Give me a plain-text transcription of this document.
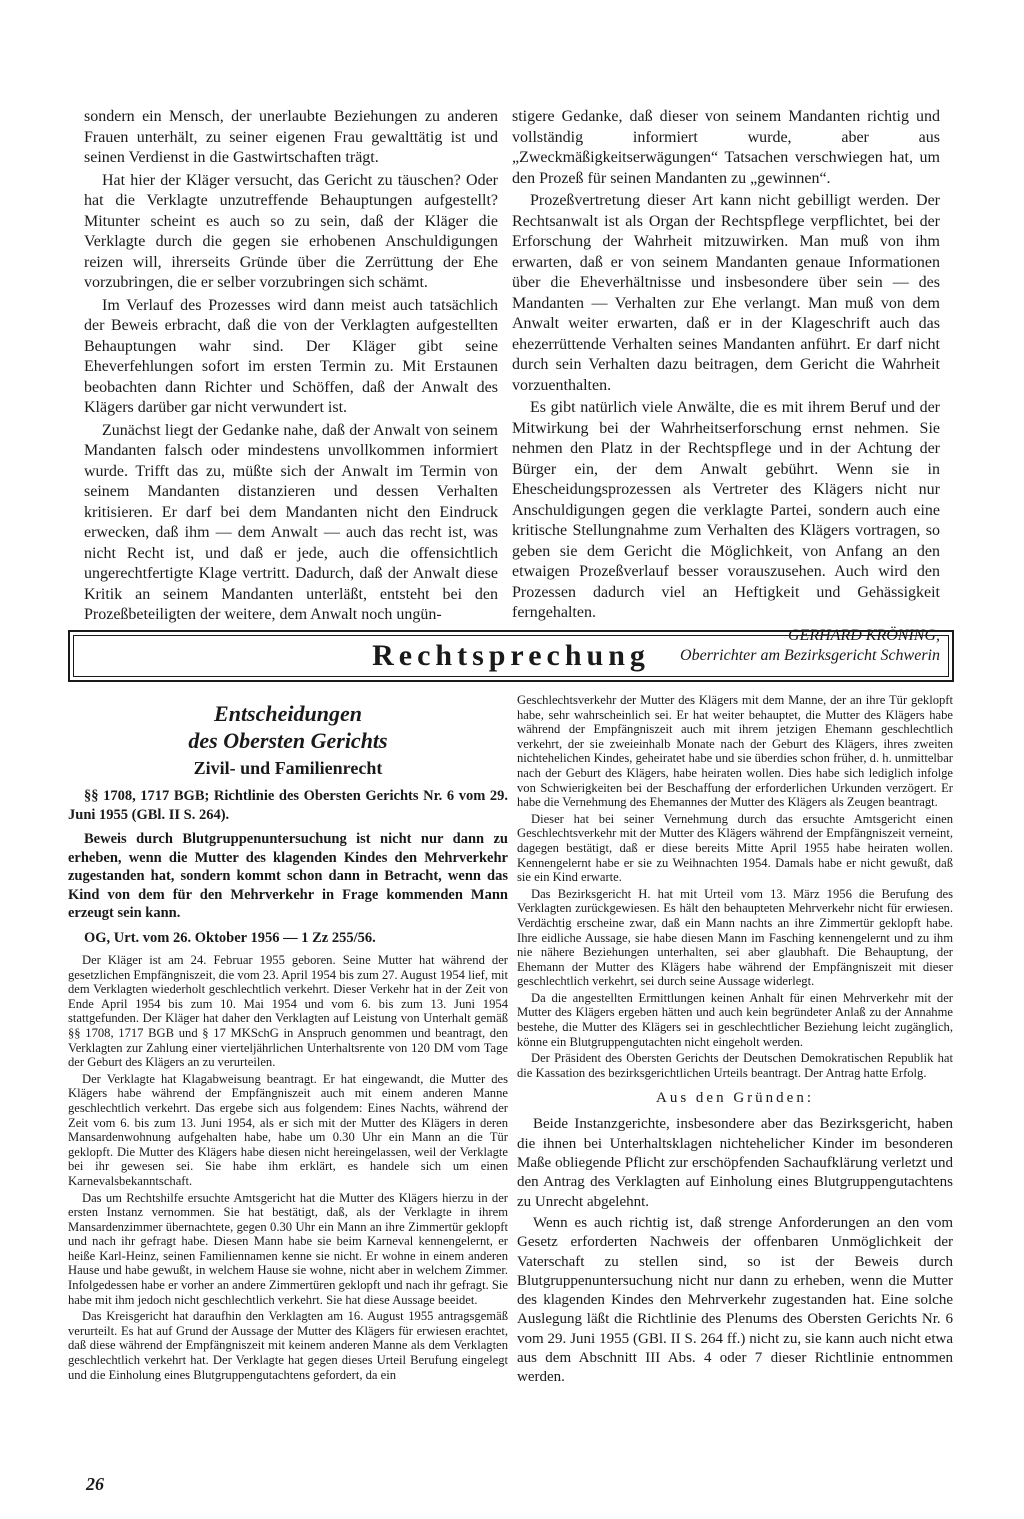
sondern ein Mensch, der unerlaubte Beziehungen zu anderen Frauen unterhält, zu seiner eigenen Frau gewalttätig ist und seinen Verdienst in die Gastwirtschaften trägt.

Hat hier der Kläger versucht, das Gericht zu täuschen? Oder hat die Verklagte unzutreffende Behauptungen aufgestellt? Mitunter scheint es auch so zu sein, daß der Kläger die Verklagte durch die gegen sie erhobenen Anschuldigungen reizen will, ihrerseits Gründe über die Zerrüttung der Ehe vorzubringen, die er selber vorzubringen sich schämt.

Im Verlauf des Prozesses wird dann meist auch tatsächlich der Beweis erbracht, daß die von der Verklagten aufgestellten Behauptungen wahr sind. Der Kläger gibt seine Eheverfehlungen sofort im ersten Termin zu. Mit Erstaunen beobachten dann Richter und Schöffen, daß der Anwalt des Klägers darüber gar nicht verwundert ist.

Zunächst liegt der Gedanke nahe, daß der Anwalt von seinem Mandanten falsch oder mindestens unvollkommen informiert wurde. Trifft das zu, müßte sich der Anwalt im Termin von seinem Mandanten distanzieren und dessen Verhalten kritisieren. Er darf bei dem Mandanten nicht den Eindruck erwecken, daß ihm — dem Anwalt — auch das recht ist, was nicht Recht ist, und daß er jede, auch die offensichtlich ungerechtfertigte Klage vertritt. Dadurch, daß der Anwalt diese Kritik an seinem Mandanten unterläßt, entsteht bei den Prozeßbeteiligten der weitere, dem Anwalt noch ungün-

stigere Gedanke, daß dieser von seinem Mandanten richtig und vollständig informiert wurde, aber aus „Zweckmäßigkeitserwägungen“ Tatsachen verschwiegen hat, um den Prozeß für seinen Mandanten zu „gewinnen“.

Prozeßvertretung dieser Art kann nicht gebilligt werden. Der Rechtsanwalt ist als Organ der Rechtspflege verpflichtet, bei der Erforschung der Wahrheit mitzuwirken. Man muß von ihm erwarten, daß er von seinem Mandanten genaue Informationen über die Eheverhältnisse und insbesondere über sein — des Mandanten — Verhalten zur Ehe verlangt. Man muß von dem Anwalt weiter erwarten, daß er in der Klageschrift auch das ehezerrüttende Verhalten seines Mandanten anführt. Er darf nicht durch sein Verhalten dazu beitragen, dem Gericht die Wahrheit vorzuenthalten.

Es gibt natürlich viele Anwälte, die es mit ihrem Beruf und der Mitwirkung bei der Wahrheitserforschung ernst nehmen. Sie nehmen den Platz in der Rechtspflege und in der Achtung der Bürger ein, der dem Anwalt gebührt. Wenn sie in Ehescheidungsprozessen als Vertreter des Klägers nicht nur Anschuldigungen gegen die verklagte Partei, sondern auch eine kritische Stellungnahme zum Verhalten des Klägers vortragen, so geben sie dem Gericht die Möglichkeit, von Anfang an den etwaigen Prozeßverlauf besser vorauszusehen. Auch wird den Prozessen dadurch viel an Heftigkeit und Gehässigkeit ferngehalten.

GERHARD KRÖNING,
Oberrichter am Bezirksgericht Schwerin
Rechtsprechung
Entscheidungen
des Obersten Gerichts
Zivil- und Familienrecht

§§ 1708, 1717 BGB; Richtlinie des Obersten Gerichts Nr. 6 vom 29. Juni 1955 (GBl. II S. 264).

Beweis durch Blutgruppenuntersuchung ist nicht nur dann zu erheben, wenn die Mutter des klagenden Kindes den Mehrverkehr zugestanden hat, sondern kommt schon dann in Betracht, wenn das Kind von dem für den Mehrverkehr in Frage kommenden Mann erzeugt sein kann.

OG, Urt. vom 26. Oktober 1956 — 1 Zz 255/56.

Der Kläger ist am 24. Februar 1955 geboren. Seine Mutter hat während der gesetzlichen Empfängniszeit, die vom 23. April 1954 bis zum 27. August 1954 lief, mit dem Verklagten wiederholt geschlechtlich verkehrt. Dieser Verkehr hat in der Zeit von Ende April 1954 bis zum 10. Mai 1954 und vom 6. bis zum 13. Juni 1954 stattgefunden. Der Kläger hat daher den Verklagten auf Leistung von Unterhalt gemäß §§ 1708, 1717 BGB und § 17 MKSchG in Anspruch genommen und beantragt, den Verklagten zur Zahlung einer vierteljährlichen Unterhaltsrente von 120 DM vom Tage der Geburt des Klägers an zu verurteilen.

Der Verklagte hat Klagabweisung beantragt. Er hat eingewandt, die Mutter des Klägers habe während der Empfängniszeit auch mit einem anderen Manne geschlechtlich verkehrt. Das ergebe sich aus folgendem: Eines Nachts, während der Zeit vom 6. bis zum 13. Juni 1954, als er sich mit der Mutter des Klägers in deren Mansardenwohnung aufgehalten habe, habe um 0.30 Uhr ein Mann an die Tür geklopft. Die Mutter des Klägers habe diesen nicht hereingelassen, weil der Verklagte bei ihr gewesen sei. Sie habe ihm erklärt, es handele sich um einen Karnevalsbekanntschaft.

Das um Rechtshilfe ersuchte Amtsgericht hat die Mutter des Klägers hierzu in der ersten Instanz vernommen. Sie hat bestätigt, daß, als der Verklagte in ihrem Mansardenzimmer übernachtete, gegen 0.30 Uhr ein Mann an ihre Zimmertür geklopft und nach ihr gefragt habe. Diesen Mann habe sie beim Karneval kennengelernt, er heiße Karl-Heinz, seinen Familiennamen kenne sie nicht. Er wohne in einem anderen Hause und habe gewußt, in welchem Hause sie wohne, nicht aber in welchem Zimmer. Infolgedessen habe er vorher an andere Zimmertüren geklopft und nach ihr gefragt. Sie habe mit ihm jedoch nicht geschlechtlich verkehrt. Sie hat diese Aussage beeidet.

Das Kreisgericht hat daraufhin den Verklagten am 16. August 1955 antragsgemäß verurteilt. Es hat auf Grund der Aussage der Mutter des Klägers für erwiesen erachtet, daß diese während der Empfängniszeit mit keinem anderen Manne als dem Verklagten geschlechtlich verkehrt hat. Der Verklagte hat gegen dieses Urteil Berufung eingelegt und die Einholung eines Blutgruppengutachtens gefordert, da ein

Geschlechtsverkehr der Mutter des Klägers mit dem Manne, der an ihre Tür geklopft habe, sehr wahrscheinlich sei. Er hat weiter behauptet, die Mutter des Klägers habe während der Empfängniszeit auch mit ihrem jetzigen Ehemann geschlechtlich verkehrt, der sie zweieinhalb Monate nach der Geburt des Klägers, ihres zweiten nichtehelichen Kindes, geheiratet habe und sie überdies schon früher, d. h. unmittelbar nach der Geburt des Klägers, habe heiraten wollen. Dies habe sich lediglich infolge von Schwierigkeiten bei der Beschaffung der erforderlichen Urkunden verzögert. Er habe die Vernehmung des Ehemannes der Mutter des Klägers als Zeugen beantragt.

Dieser hat bei seiner Vernehmung durch das ersuchte Amtsgericht einen Geschlechtsverkehr mit der Mutter des Klägers während der Empfängniszeit verneint, dagegen bestätigt, daß er diese bereits Mitte April 1955 habe heiraten wollen. Kennengelernt habe er sie zu Weihnachten 1954. Damals habe er nicht gewußt, daß sie ein Kind erwarte.

Das Bezirksgericht H. hat mit Urteil vom 13. März 1956 die Berufung des Verklagten zurückgewiesen. Es hält den behaupteten Mehrverkehr nicht für erwiesen. Verdächtig erscheine zwar, daß ein Mann nachts an ihre Zimmertür geklopft habe. Ihre eidliche Aussage, sie habe diesen Mann im Fasching kennengelernt und zu ihm nie nähere Beziehungen unterhalten, sei aber glaubhaft. Die Behauptung, der Ehemann der Mutter des Klägers habe während der Empfängniszeit mit dieser geschlechtlich verkehrt, sei durch seine Aussage widerlegt.

Da die angestellten Ermittlungen keinen Anhalt für einen Mehrverkehr mit der Mutter des Klägers ergeben hätten und auch kein begründeter Anlaß zu der Annahme bestehe, die Mutter des Klägers sei in geschlechtlicher Beziehung leicht zugänglich, könne ein Blutgruppengutachten nicht eingeholt werden.

Der Präsident des Obersten Gerichts der Deutschen Demokratischen Republik hat die Kassation des bezirksgerichtlichen Urteils beantragt. Der Antrag hatte Erfolg.

Aus den Gründen:

Beide Instanzgerichte, insbesondere aber das Bezirksgericht, haben die ihnen bei Unterhaltsklagen nichtehelicher Kinder im besonderen Maße obliegende Pflicht zur erschöpfenden Sachaufklärung verletzt und den Antrag des Verklagten auf Einholung eines Blutgruppengutachtens zu Unrecht abgelehnt.

Wenn es auch richtig ist, daß strenge Anforderungen an den vom Gesetz erforderten Nachweis der offenbaren Unmöglichkeit der Vaterschaft zu stellen sind, so ist der Beweis durch Blutgruppenuntersuchung nicht nur dann zu erheben, wenn die Mutter des klagenden Kindes den Mehrverkehr zugestanden hat. Eine solche Auslegung läßt die Richtlinie des Plenums des Obersten Gerichts Nr. 6 vom 29. Juni 1955 (GBl. II S. 264 ff.) nicht zu, sie kann auch nicht etwa aus dem Abschnitt III Abs. 4 oder 7 dieser Richtlinie entnommen werden.

26
